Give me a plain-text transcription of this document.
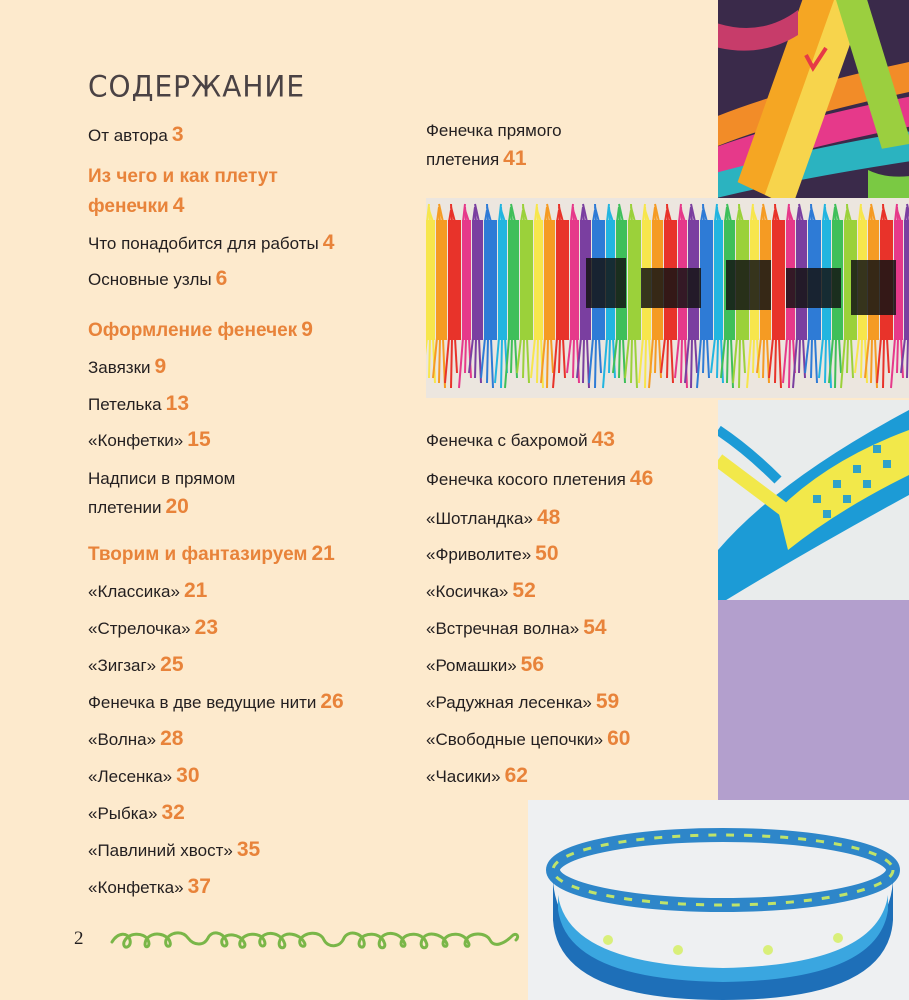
СОДЕРЖАНИЕ
От автора 3
Из чего и как плетут
фенечки 4
Что понадобится для работы 4
Основные узлы 6
Оформление фенечек 9
Завязки 9
Петелька 13
«Конфетки» 15
Надписи в прямом
плетении 20
Творим и фантазируем 21
«Классика» 21
«Стрелочка» 23
«Зигзаг» 25
Фенечка в две ведущие нити 26
«Волна» 28
«Лесенка» 30
«Рыбка» 32
«Павлиний хвост» 35
«Конфетка» 37
Фенечка прямого
плетения 41
Фенечка с бахромой 43
Фенечка косого плетения 46
«Шотландка» 48
«Фриволите» 50
«Косичка» 52
«Встречная волна» 54
«Ромашки» 56
«Радужная лесенка» 59
«Свободные цепочки» 60
«Часики» 62
2
